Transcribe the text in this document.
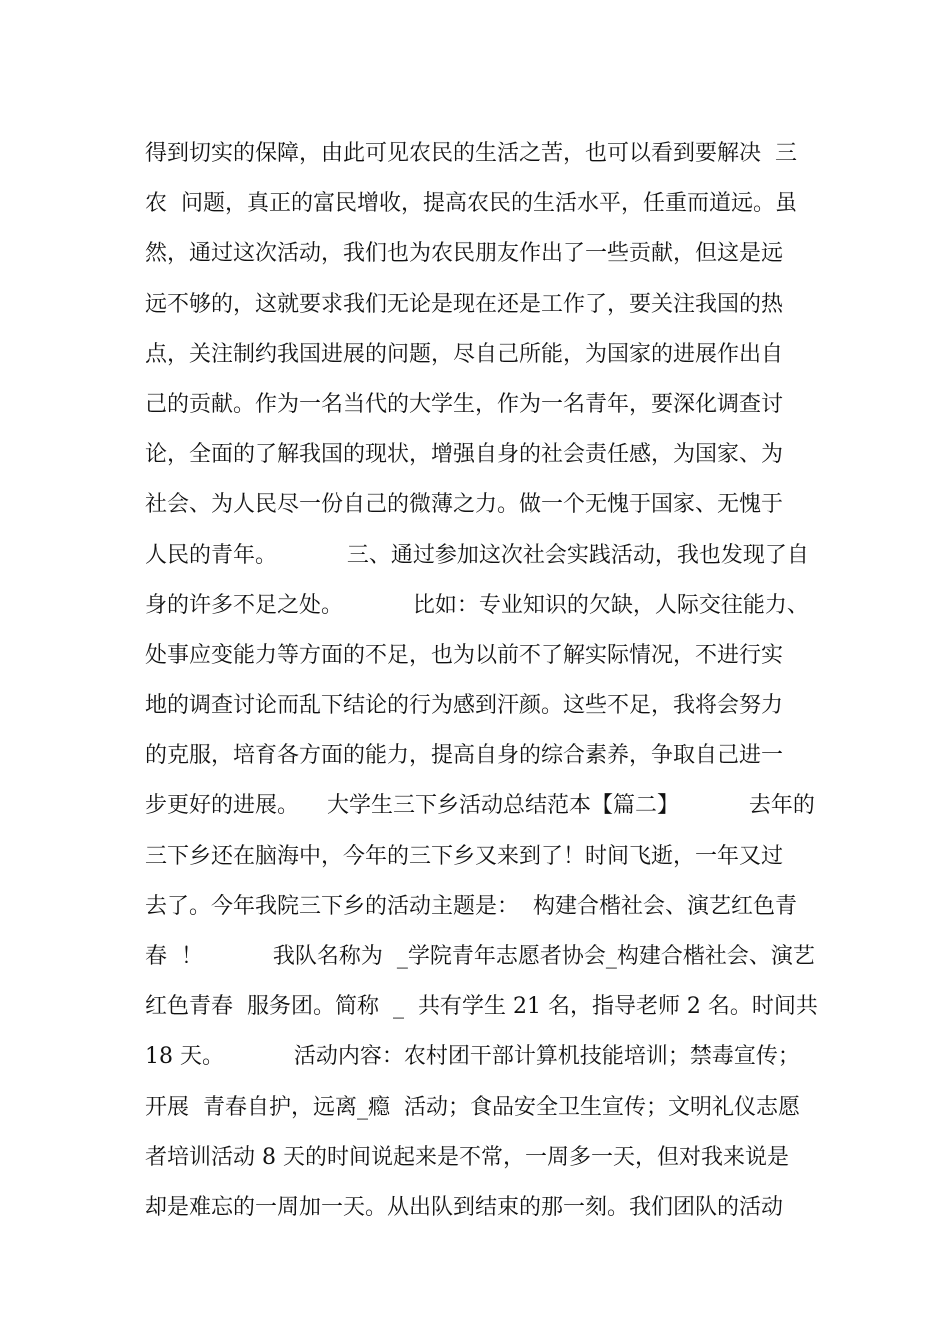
得到切实的保障，由此可见农民的生活之苦，也可以看到要解决  三
农  问题，真正的富民增收，提高农民的生活水平，任重而道远。虽
然，通过这次活动，我们也为农民朋友作出了一些贡献，但这是远
远不够的，这就要求我们无论是现在还是工作了，要关注我国的热
点，关注制约我国进展的问题，尽自己所能，为国家的进展作出自
己的贡献。作为一名当代的大学生，作为一名青年，要深化调查讨
论，全面的了解我国的现状，增强自身的社会责任感，为国家、为
社会、为人民尽一份自己的微薄之力。做一个无愧于国家、无愧于
人民的青年。          三、通过参加这次社会实践活动，我也发现了自
身的许多不足之处。          比如：专业知识的欠缺，人际交往能力、
处事应变能力等方面的不足，也为以前不了解实际情况，不进行实
地的调查讨论而乱下结论的行为感到汗颜。这些不足，我将会努力
的克服，培育各方面的能力，提高自身的综合素养，争取自己进一
步更好的进展。    大学生三下乡活动总结范本【篇二】          去年的
三下乡还在脑海中，今年的三下乡又来到了！时间飞逝，一年又过
去了。今年我院三下乡的活动主题是：  构建合楷社会、演艺红色青
春  ！          我队名称为  _学院青年志愿者协会_构建合楷社会、演艺
红色青春  服务团。简称  _  共有学生 21 名，指导老师 2 名。时间共
18 天。          活动内容：农村团干部计算机技能培训；禁毒宣传；
开展  青春自护，远离_瘾  活动；食品安全卫生宣传；文明礼仪志愿
者培训活动 8 天的时间说起来是不常，一周多一天，但对我来说是
却是难忘的一周加一天。从出队到结束的那一刻。我们团队的活动
